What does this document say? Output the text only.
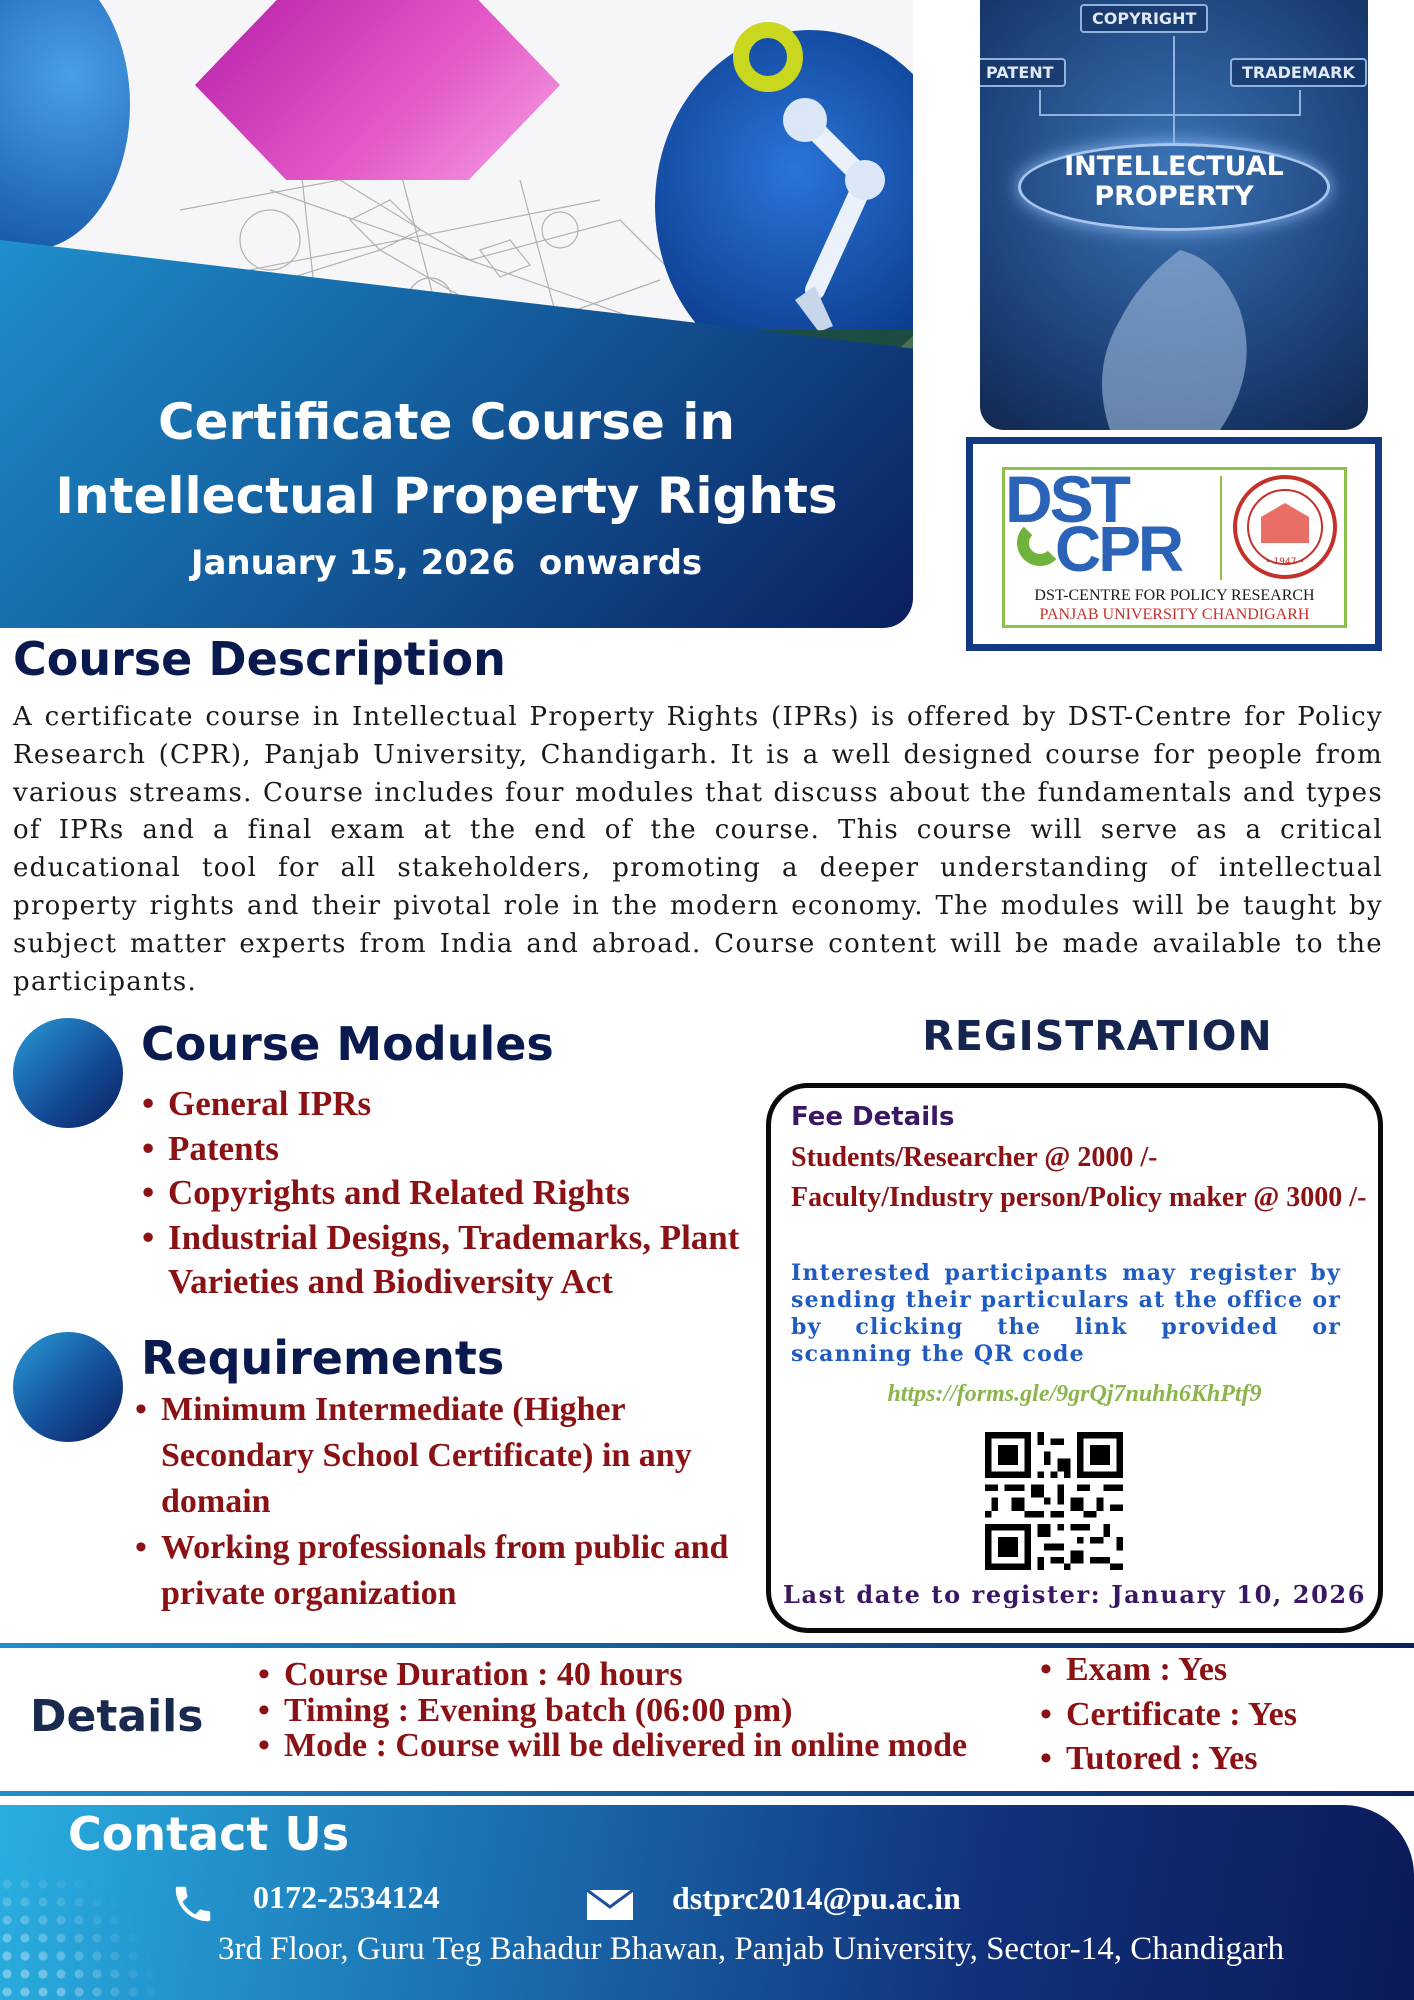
Certificate Course in
Intellectual Property Rights
January 15, 2026  onwards
COPYRIGHT
PATENT	TRADEMARK
INTELLECTUAL
PROPERTY
DST
CPR	• 1947 •
DST-CENTRE FOR POLICY RESEARCH
PANJAB UNIVERSITY CHANDIGARH
Course Description

A certificate course in Intellectual Property Rights (IPRs) is offered by DST-Centre for Policy Research (CPR), Panjab University, Chandigarh. It is a well designed course for people from various streams. Course includes four modules that discuss about the fundamentals and types of IPRs and a final exam at the end of the course. This course will serve as a critical educational tool for all stakeholders, promoting a deeper understanding of intellectual property rights and their pivotal role in the modern economy. The modules will be taught by subject matter experts from India and abroad. Course content will be made available to the participants.

Course Modules
• General IPRs
• Patents
• Copyrights and Related Rights
• Industrial Designs, Trademarks, Plant Varieties and Biodiversity Act
Requirements
• Minimum Intermediate (Higher Secondary School Certificate) in any domain
• Working professionals from public and private organization
REGISTRATION
Fee Details
Students/Researcher @ 2000 /-
Faculty/Industry person/Policy maker @ 3000 /-

Interested participants may register by sending their particulars at the office or by clicking the link provided or scanning the QR code

https://forms.gle/9grQj7nuhh6KhPtf9
Last date to register: January 10, 2026
Details
• Course Duration : 40 hours
• Timing : Evening batch (06:00 pm)
• Mode : Course will be delivered in online mode
• Exam : Yes
• Certificate : Yes
• Tutored : Yes
Contact Us
0172-2534124	dstprc2014@pu.ac.in
3rd Floor, Guru Teg Bahadur Bhawan, Panjab University, Sector-14, Chandigarh
